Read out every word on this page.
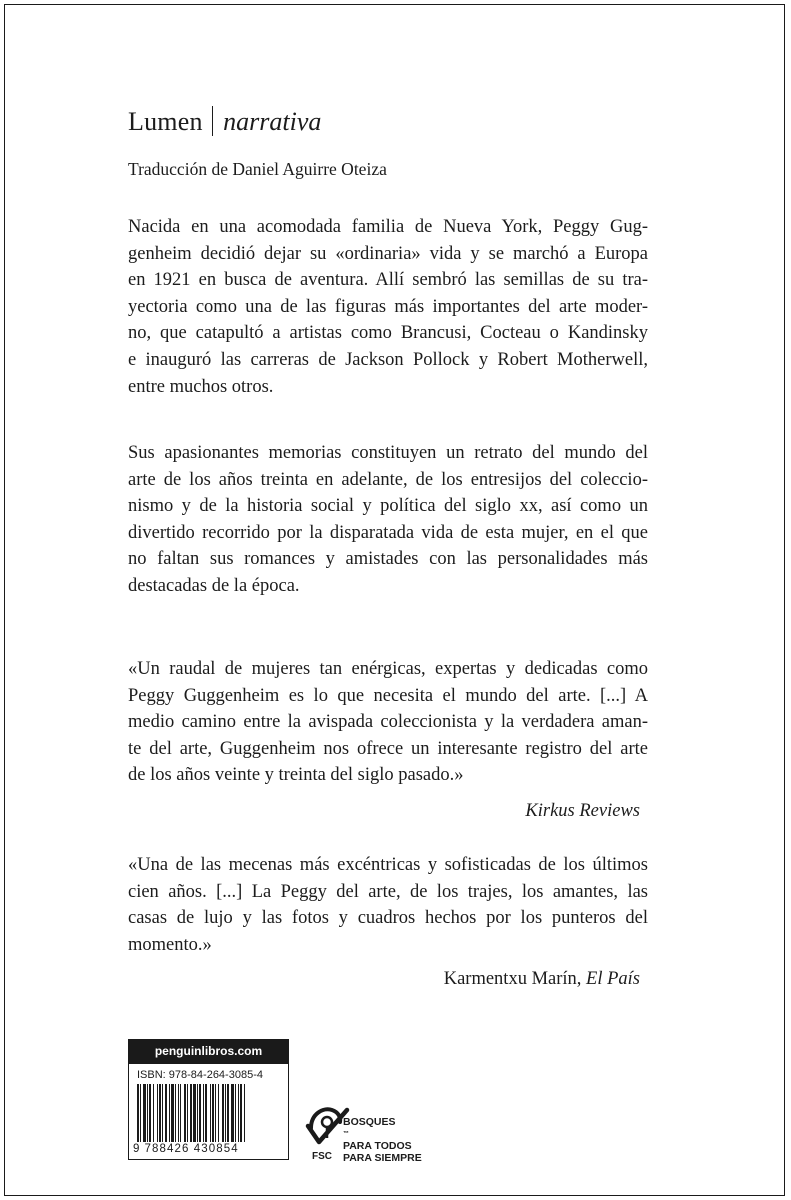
Lumen narrativa
Traducción de Daniel Aguirre Oteiza

Nacida en una acomodada familia de Nueva York, Peggy Gug-
genheim decidió dejar su «ordinaria» vida y se marchó a Europa
en 1921 en busca de aventura. Allí sembró las semillas de su tra-
yectoria como una de las figuras más importantes del arte moder-
no, que catapultó a artistas como Brancusi, Cocteau o Kandinsky
e inauguró las carreras de Jackson Pollock y Robert Motherwell,
entre muchos otros.

Sus apasionantes memorias constituyen un retrato del mundo del
arte de los años treinta en adelante, de los entresijos del coleccio-
nismo y de la historia social y política del siglo xx, así como un
divertido recorrido por la disparatada vida de esta mujer, en el que
no faltan sus romances y amistades con las personalidades más
destacadas de la época.

«Un raudal de mujeres tan enérgicas, expertas y dedicadas como
Peggy Guggenheim es lo que necesita el mundo del arte. [...] A
medio camino entre la avispada coleccionista y la verdadera aman-
te del arte, Guggenheim nos ofrece un interesante registro del arte
de los años veinte y treinta del siglo pasado.»

Kirkus Reviews

«Una de las mecenas más excéntricas y sofisticadas de los últimos
cien años. [...] La Peggy del arte, de los trajes, los amantes, las
casas de lujo y las fotos y cuadros hechos por los punteros del
momento.»

Karmentxu Marín, El País
penguinlibros.com
ISBN: 978-84-264-3085-4
9 788426 430854
FSC
BOSQUES
™
PARA TODOS
PARA SIEMPRE
